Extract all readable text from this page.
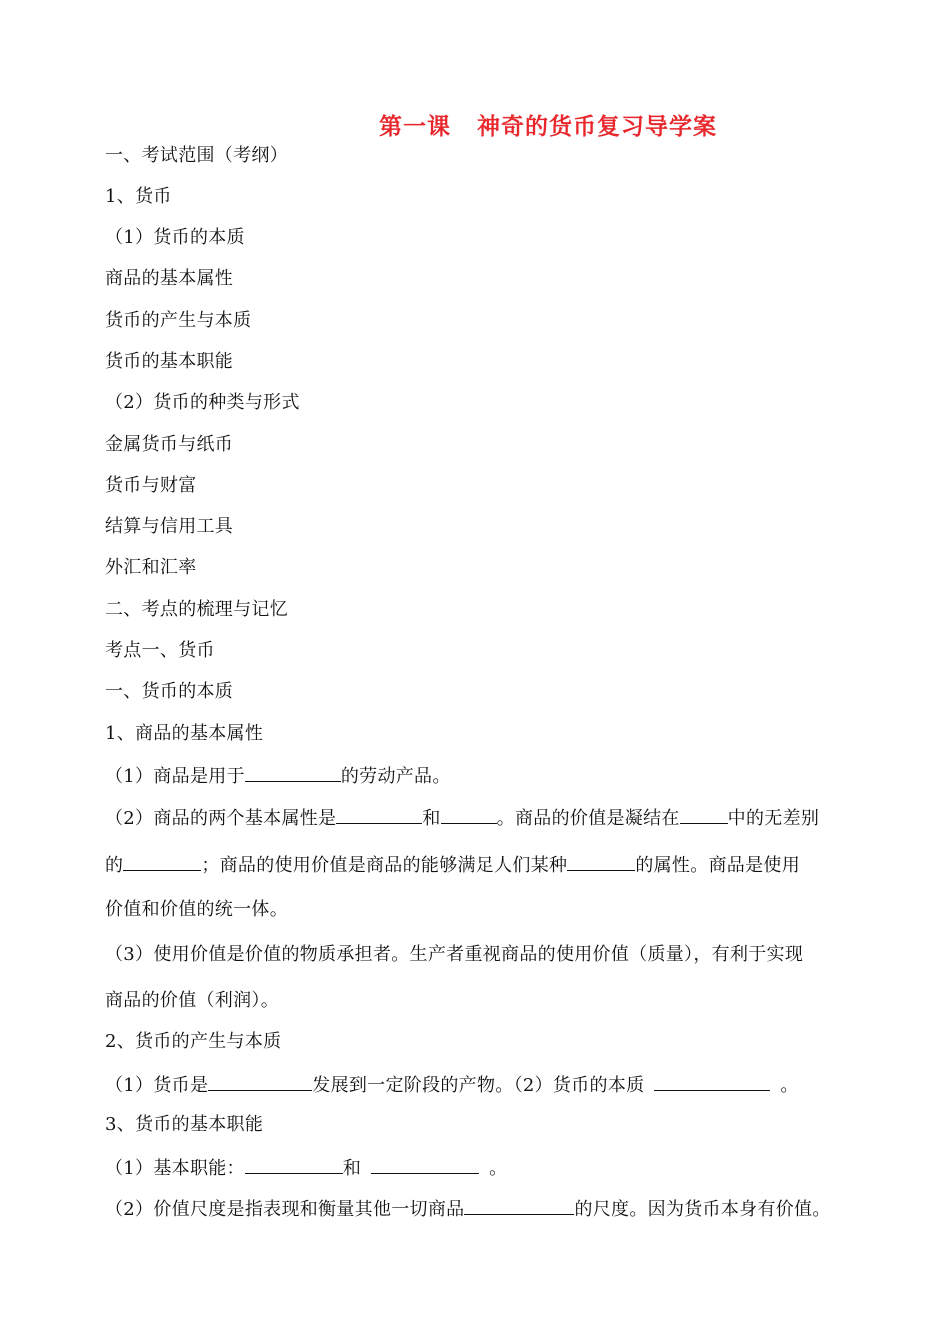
第一课 神奇的货币复习导学案
一、考试范围（考纲）
1、货币
（1）货币的本质
商品的基本属性
货币的产生与本质
货币的基本职能
（2）货币的种类与形式
金属货币与纸币
货币与财富
结算与信用工具
外汇和汇率
二、考点的梳理与记忆
考点一、货币
一、货币的本质
1、商品的基本属性
（1）商品是用于	的劳动产品。
（2）商品的两个基本属性是	和	。商品的价值是凝结在	中的无差别
的	；商品的使用价值是商品的能够满足人们某种	的属性。商品是使用
价值和价值的统一体。
（3）使用价值是价值的物质承担者。生产者重视商品的使用价值（质量），有利于实现
商品的价值（利润）。
2、货币的产生与本质
（1）货币是	发展到一定阶段的产物。（2）货币的本质	。
3、货币的基本职能
（1）基本职能：	和	。
（2）价值尺度是指表现和衡量其他一切商品	的尺度。因为货币本身有价值。
